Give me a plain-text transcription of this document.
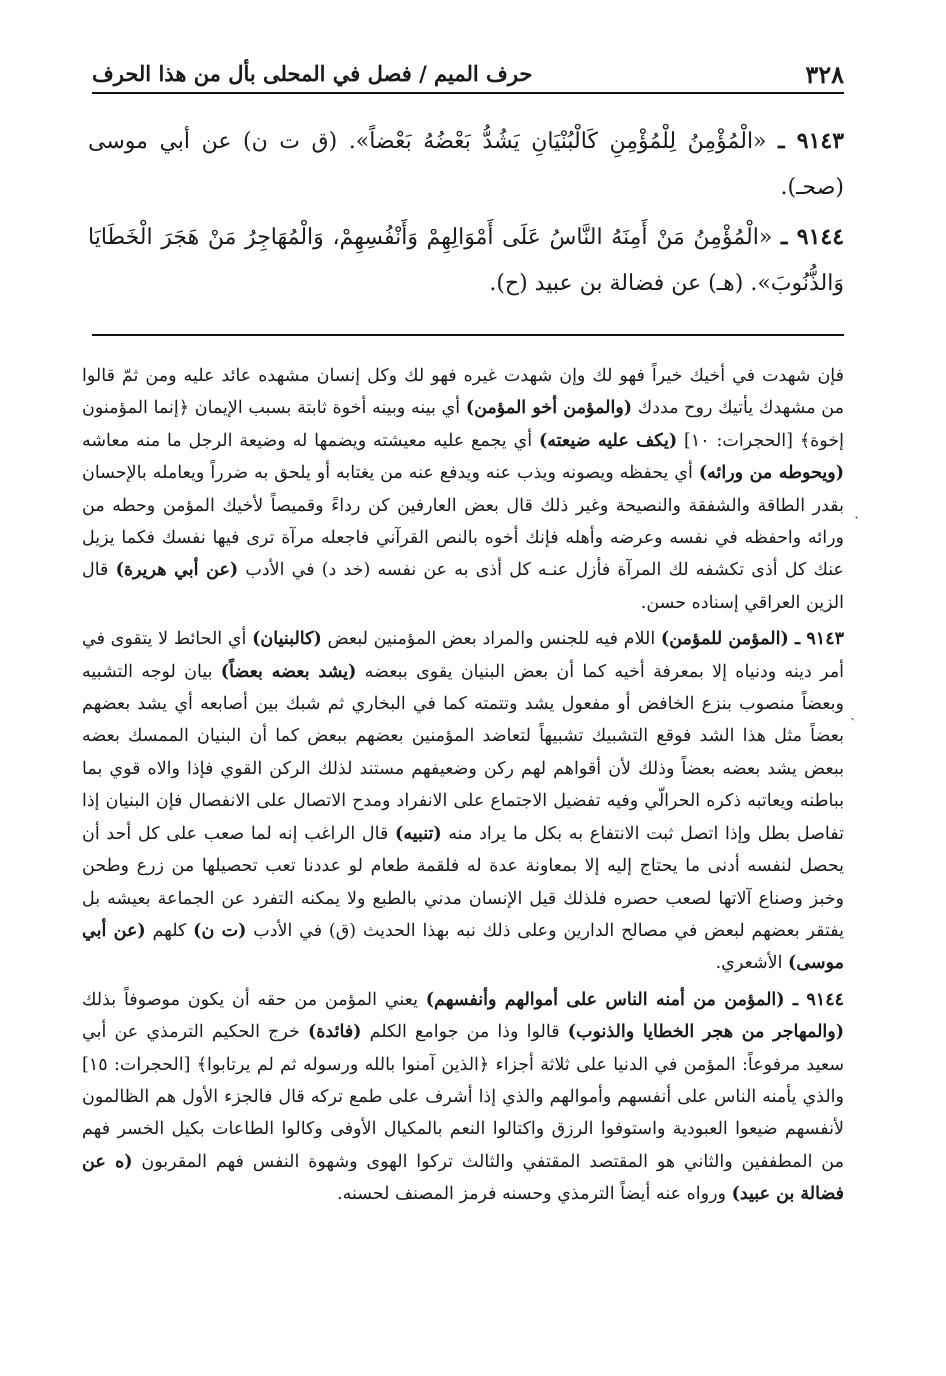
٣٢٨
حرف الميم / فصل في المحلى بأل من هذا الحرف

٩١٤٣ ـ «الْمُؤْمِنُ لِلْمُؤْمِنِ كَالْبُنْيَانِ يَشُدُّ بَعْضُهُ بَعْضاً». (ق ت ن) عن أبي موسى (صحـ).

٩١٤٤ ـ «الْمُؤْمِنُ مَنْ أَمِنَهُ النَّاسُ عَلَى أَمْوَالِهِمْ وَأَنْفُسِهِمْ، وَالْمُهَاجِرُ مَنْ هَجَرَ الْخَطَايَا وَالذُّنُوبَ». (هـ) عن فضالة بن عبيد (ح).

فإن شهدت في أخيك خيراً فهو لك وإن شهدت غيره فهو لك وكل إنسان مشهده عائد عليه ومن ثمّ قالوا من مشهدك يأتيك روح مددك (والمؤمن أخو المؤمن) أي بينه وبينه أخوة ثابتة بسبب الإيمان ﴿إنما المؤمنون إخوة﴾ [الحجرات: ١٠] (يكف عليه ضيعته) أي يجمع عليه معيشته ويضمها له وضيعة الرجل ما منه معاشه (ويحوطه من ورائه) أي يحفظه ويصونه ويذب عنه ويدفع عنه من يغتابه أو يلحق به ضرراً ويعامله بالإحسان بقدر الطاقة والشفقة والنصيحة وغير ذلك قال بعض العارفين كن رداءً وقميصاً لأخيك المؤمن وحطه من ورائه واحفظه في نفسه وعرضه وأهله فإنك أخوه بالنص القرآني فاجعله مرآة ترى فيها نفسك فكما يزيل عنك كل أذى تكشفه لك المرآة فأزل عنـه كل أذى به عن نفسه (خد د) في الأدب (عن أبي هريرة) قال الزين العراقي إسناده حسن.

٩١٤٣ ـ (المؤمن للمؤمن) اللام فيه للجنس والمراد بعض المؤمنين لبعض (كالبنيان) أي الحائط لا يتقوى في أمر دينه ودنياه إلا بمعرفة أخيه كما أن بعض البنيان يقوى ببعضه (يشد بعضه بعضاً) بيان لوجه التشبيه وبعضاً منصوب بنزع الخافض أو مفعول يشد وتتمته كما في البخاري ثم شبك بين أصابعه أي يشد بعضهم بعضاً مثل هذا الشد فوقع التشبيك تشبيهاً لتعاضد المؤمنين بعضهم ببعض كما أن البنيان الممسك بعضه ببعض يشد بعضه بعضاً وذلك لأن أقواهم لهم ركن وضعيفهم مستند لذلك الركن القوي فإذا والاه قوي بما بباطنه ويعاتبه ذكره الحرالّي وفيه تفضيل الاجتماع على الانفراد ومدح الاتصال على الانفصال فإن البنيان إذا تفاصل بطل وإذا اتصل ثبت الانتفاع به بكل ما يراد منه (تنبيه) قال الراغب إنه لما صعب على كل أحد أن يحصل لنفسه أدنى ما يحتاج إليه إلا بمعاونة عدة له فلقمة طعام لو عددنا تعب تحصيلها من زرع وطحن وخبز وصناع آلاتها لصعب حصره فلذلك قيل الإنسان مدني بالطبع ولا يمكنه التفرد عن الجماعة بعيشه بل يفتقر بعضهم لبعض في مصالح الدارين وعلى ذلك نبه بهذا الحديث (ق) في الأدب (ت ن) كلهم (عن أبي موسى) الأشعري.

٩١٤٤ ـ (المؤمن من أمنه الناس على أموالهم وأنفسهم) يعني المؤمن من حقه أن يكون موصوفاً بذلك (والمهاجر من هجر الخطايا والذنوب) قالوا وذا من جوامع الكلم (فائدة) خرج الحكيم الترمذي عن أبي سعيد مرفوعاً: المؤمن في الدنيا على ثلاثة أجزاء ﴿الذين آمنوا بالله ورسوله ثم لم يرتابوا﴾ [الحجرات: ١٥] والذي يأمنه الناس على أنفسهم وأموالهم والذي إذا أشرف على طمع تركه قال فالجزء الأول هم الظالمون لأنفسهم ضيعوا العبودية واستوفوا الرزق واكتالوا النعم بالمكيال الأوفى وكالوا الطاعات بكيل الخسر فهم من المطففين والثاني هو المقتصد المقتفي والثالث تركوا الهوى وشهوة النفس فهم المقربون (ه عن فضالة بن عبيد) ورواه عنه أيضاً الترمذي وحسنه فرمز المصنف لحسنه.

·
ˎ
